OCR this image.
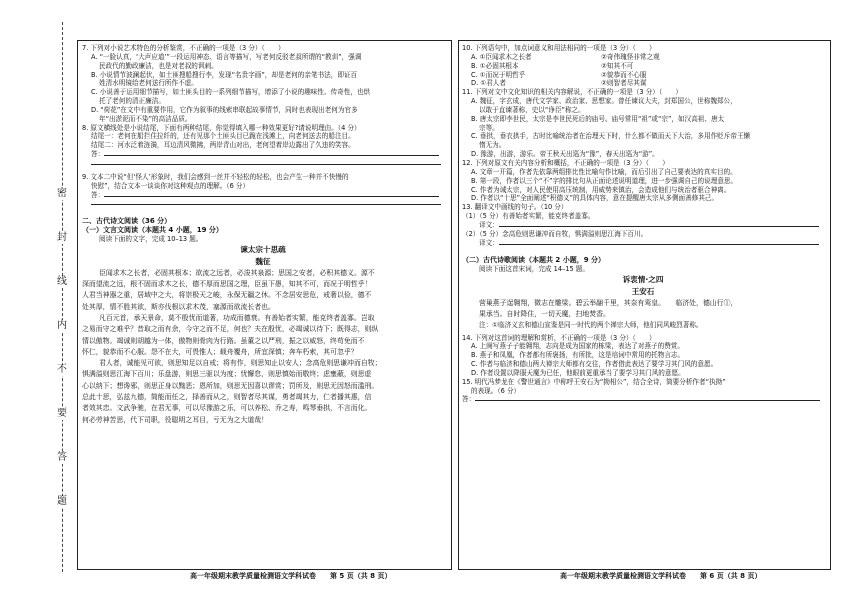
密
封
线
内
不
要
答
题

7. 下列对小说艺术特色的分析鉴赏，不正确的一项是（3 分）（　　）

A. “一脸认真，‘大声应道’”一段运用神态、语言等描写，写老何反驳老叔所谓的“教训”，强调

民政代的勤政廉洁，也是对老叔的讽刺。

B. 小说情节波澜起伏，如土匪搜船搜行李，发现“名贵字画”，却是老何的亲笔书法，即证百

姓清水明镜给老何送行所作不虚。

C. 小说善于运用细节描写，如土匪头目的一系列细节描写，增添了小说的趣味性、传奇性，也烘

托了老何的清正廉洁。

D. “荷花”在文中有重要作用，它作为叙事的线索串联起故事情节，同时也表现出老何为官多

年“出淤泥而不染”的高洁品质。

8. 原文横线处是小说结尾，下面有两种结尾，你觉得填入哪一种效果更好?请说明理由。（4 分）

结尾一：老何在船拦住拉纤的，还有见那个土匪头目已跪在浅滩上，向老何送去的船注目。

结尾二：河水泛着涟漪，耳边清风微拂，两岸青山对出，老何望着岸边露出了久违的笑容。

答：

9. 文本二中说“但‘怪人’形象时，我们会感到一丝并不轻松的轻松，也会产生一种并不快慢的

快慰”，结合文本一谈谈你对这种观点的理解。（6 分）

答：

二、古代诗文阅读（36 分）

（一）文言文阅读（本题共 4 小题，19 分）

阅读下面的文字，完成 10–13 题。

谏太宗十思疏

魏征

臣闻求木之长者，必固其根本；欲流之远者，必浚其泉源；思国之安者，必积其德义。源不

深而望流之远，根不固而求木之长，德不厚而思国之理，臣虽下愚，知其不可，而况于明哲乎！

人君当神器之重，居域中之大，将崇极天之峻，永保无疆之休。不念居安思危，戒奢以俭，德不

处其厚，情不胜其欲，斯亦伐根以求木茂，塞源而欲流长者也。

凡百元首，承天景命，莫不殷忧而道著，功成而德衰。有善始者实繁，能克终者盖寡。岂取

之易而守之难乎？昔取之而有余，今守之而不足，何也？夫在殷忧，必竭诚以待下；既得志，则纵

情以傲物。竭诚则胡越为一体，傲物则骨肉为行路。虽董之以严刑，振之以威怒，终苟免而不

怀仁，貌恭而不心服。怨不在大，可畏惟人；载舟覆舟，所宜深慎；奔车朽索，其可忽乎？

君人者，诚能见可欲，则思知足以自戒；将有作，则思知止以安人；念高危则思谦冲而自牧；

惧满溢则思江海下百川；乐盘游，则思三驱以为度；忧懈怠，则思慎始而敬终；虑壅蔽，则思虚

心以纳下；想谗邪，则思正身以黜恶；恩所加，则思无因喜以谬赏；罚所及，则思无因怒而滥刑。

总此十思，弘兹九德，简能而任之，择善而从之，则智者尽其谋，勇者竭其力，仁者播其惠，信

者效其忠。文武争驰，在君无事，可以尽豫游之乐，可以养松、乔之寿，鸣琴垂拱，不言而化。

何必劳神苦思，代下司职，役聪明之耳目，亏无为之大道哉！

高一年级期末教学质量检测语文学科试卷　　第 5 页（共 8 页）

10. 下列语句中，加点词意义和用法相同的一项是（3 分）（　　）

A. ①臣闻求木之长者	②奇伟瑰怪非常之观

B. ①必固其根本	②知其不可

C. ①而况于明哲乎	②貌恭而不心服

D. ①君人者	②则智者尽其谋

11. 下列对文中文化知识的相关内容解说，不正确的一项是（3 分）（　　）

A. 魏征，字玄成，唐代文学家、政治家、思想家。曾任谏议大夫，封郑国公，世称魏郑公，

以敢于直谏著称，史以“诤臣”称之。

B. 唐太宗即李世民，太宗是李世民死后的庙号。庙号常用“祖”或“宗”，如汉高祖、唐太

宗等。

C. 垂拱，垂衣拱手，古时比喻统治者在治理天下时，什么都不做而天下大治，多用作贬斥帝王懒

惰无为。

D. 豫游，出游，游乐。帝王秋天出巡为“豫”，春天出巡为“游”。

12. 下列对原文有关内容分析和概括，不正确的一项是（3 分）（　　）

A. 文章一开篇，作者先依靠两组排比性比喻句作比喻，而后引出了自己要表达的真实目的。

B. 第一段，作者以三个“不”字的排比句从正面论述说明道理，进一步强调自己的说理意思。

C. 作者为诫太宗，对人民使用高压统制，用威势来镇治，会造成他们与统治者驱合神离。

D. 作者以“十思”全面阐述“积德义”的具体内容，意在提醒唐太宗从多侧面善修其己。

13. 翻译文中画线的句子。（10 分）

（1）（5 分）有善始者实繁，能克终者盖寡。

译文：

（2）（5 分）念高危则思谦冲而自牧，惧满溢则思江海下百川。

译文：

（二）古代诗歌阅读（本题共 2 小题，9 分）

阅读下面这首宋词，完成 14–15 题。

诉衷情·之四

王安石

营巢燕子逞翱翔，微志在雕梁。碧云举翮千里，其奈有鸾皇。　　临济处，德山行①，

果承当。自时降住，一切天魔，扫地焚香。

注：①临济义玄和德山宣鉴是同一时代的两个禅宗大师，他们同风峻烈著称。

14. 下列对这首词的理解和赏析，不正确的一项是（3 分）（　　）

A. 上阕写燕子子能翱翔，志向是成为国家的栋梁，表达了对燕子的赞赏。

B. 燕子和凤凰，作者都有所褒扬，有所批，这是培词中常用的托物言志。

C. 作者与临济和德山两大禅宗大师都有交往，作者借此表达了要学习其门风的意愿。

D. 作者设置以降服天魔为已任，他眼前更重承当了要学习其门风的意愿。

15. 明代冯梦龙在《警世通言》中称呼王安石为“拗相公”，结合全诗，简要分析作者“执拗”

的表现。（6 分）

答：

高一年级期末教学质量检测语文学科试卷　　第 6 页（共 8 页）
